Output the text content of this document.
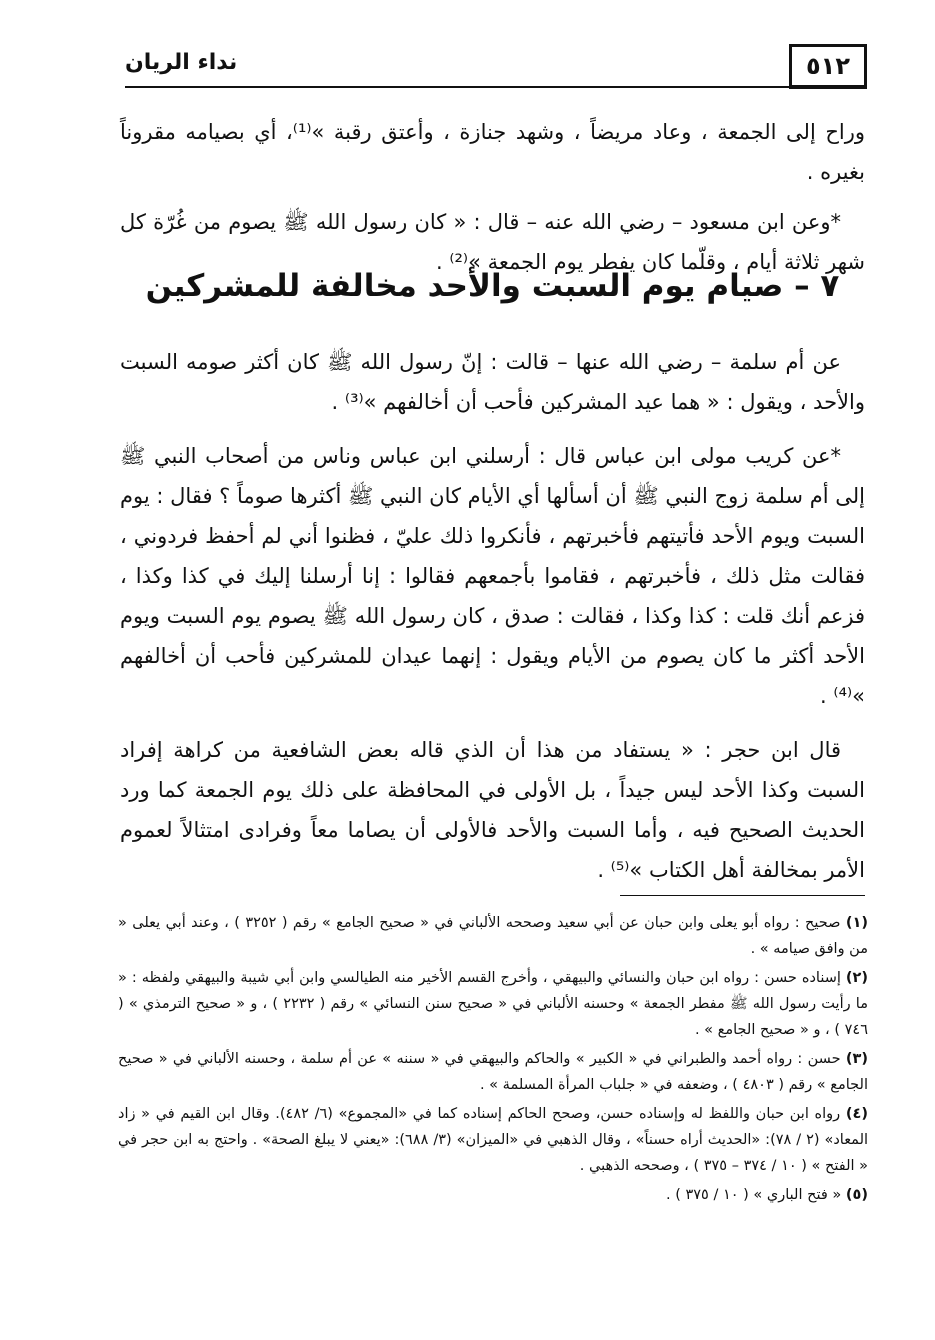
٥١٢
نداء الريان

وراح إلى الجمعة ، وعاد مريضاً ، وشهد جنازة ، وأعتق رقبة »⁽¹⁾، أي بصيامه مقروناً بغيره .

*وعن ابن مسعود – رضي الله عنه – قال : « كان رسول الله ﷺ يصوم من غُرّة كل شهر ثلاثة أيام ، وقلّما كان يفطر يوم الجمعة »⁽²⁾ .

٧ – صيام يوم السبت والأحد مخالفة للمشركين

عن أم سلمة – رضي الله عنها – قالت : إنّ رسول الله ﷺ كان أكثر صومه السبت والأحد ، ويقول : « هما عيد المشركين فأحب أن أخالفهم »⁽³⁾ .

*عن كريب مولى ابن عباس قال : أرسلني ابن عباس وناس من أصحاب النبي ﷺ إلى أم سلمة زوج النبي ﷺ أن أسألها أي الأيام كان النبي ﷺ أكثرها صوماً ؟ فقال : يوم السبت ويوم الأحد فأتيتهم فأخبرتهم ، فأنكروا ذلك عليّ ، فظنوا أني لم أحفظ فردوني ، فقالت مثل ذلك ، فأخبرتهم ، فقاموا بأجمعهم فقالوا : إنا أرسلنا إليك في كذا وكذا ، فزعم أنك قلت : كذا وكذا ، فقالت : صدق ، كان رسول الله ﷺ يصوم يوم السبت ويوم الأحد أكثر ما كان يصوم من الأيام ويقول : إنهما عيدان للمشركين فأحب أن أخالفهم »⁽⁴⁾ .

قال ابن حجر : « يستفاد من هذا أن الذي قاله بعض الشافعية من كراهة إفراد السبت وكذا الأحد ليس جيداً ، بل الأولى في المحافظة على ذلك يوم الجمعة كما ورد الحديث الصحيح فيه ، وأما السبت والأحد فالأولى أن يصاما معاً وفرادى امتثالاً لعموم الأمر بمخالفة أهل الكتاب »⁽⁵⁾ .

(١) صحيح : رواه أبو يعلى وابن حبان عن أبي سعيد وصححه الألباني في « صحيح الجامع » رقم ( ٣٢٥٢ ) ، وعند أبي يعلى « من وافق صيامه » .

(٢) إسناده حسن : رواه ابن حبان والنسائي والبيهقي ، وأخرج القسم الأخير منه الطيالسي وابن أبي شيبة والبيهقي ولفظه : « ما رأيت رسول الله ﷺ مفطر الجمعة » وحسنه الألباني في « صحيح سنن النسائي » رقم ( ٢٢٣٢ ) ، و « صحيح الترمذي » ( ٧٤٦ ) ، و « صحيح الجامع » .

(٣) حسن : رواه أحمد والطبراني في « الكبير » والحاكم والبيهقي في « سننه » عن أم سلمة ، وحسنه الألباني في « صحيح الجامع » رقم ( ٤٨٠٣ ) ، وضعفه في « جلباب المرأة المسلمة » .

(٤) رواه ابن حبان واللفظ له وإسناده حسن، وصحح الحاكم إسناده كما في «المجموع» (٦/ ٤٨٢). وقال ابن القيم في « زاد المعاد» (٢ / ٧٨): «الحديث أراه حسناً» ، وقال الذهبي في «الميزان» (٣/ ٦٨٨): «يعني لا يبلغ الصحة» . واحتج به ابن حجر في « الفتح » ( ١٠ / ٣٧٤ – ٣٧٥ ) ، وصححه الذهبي .

(٥) « فتح الباري » ( ١٠ / ٣٧٥ ) .
